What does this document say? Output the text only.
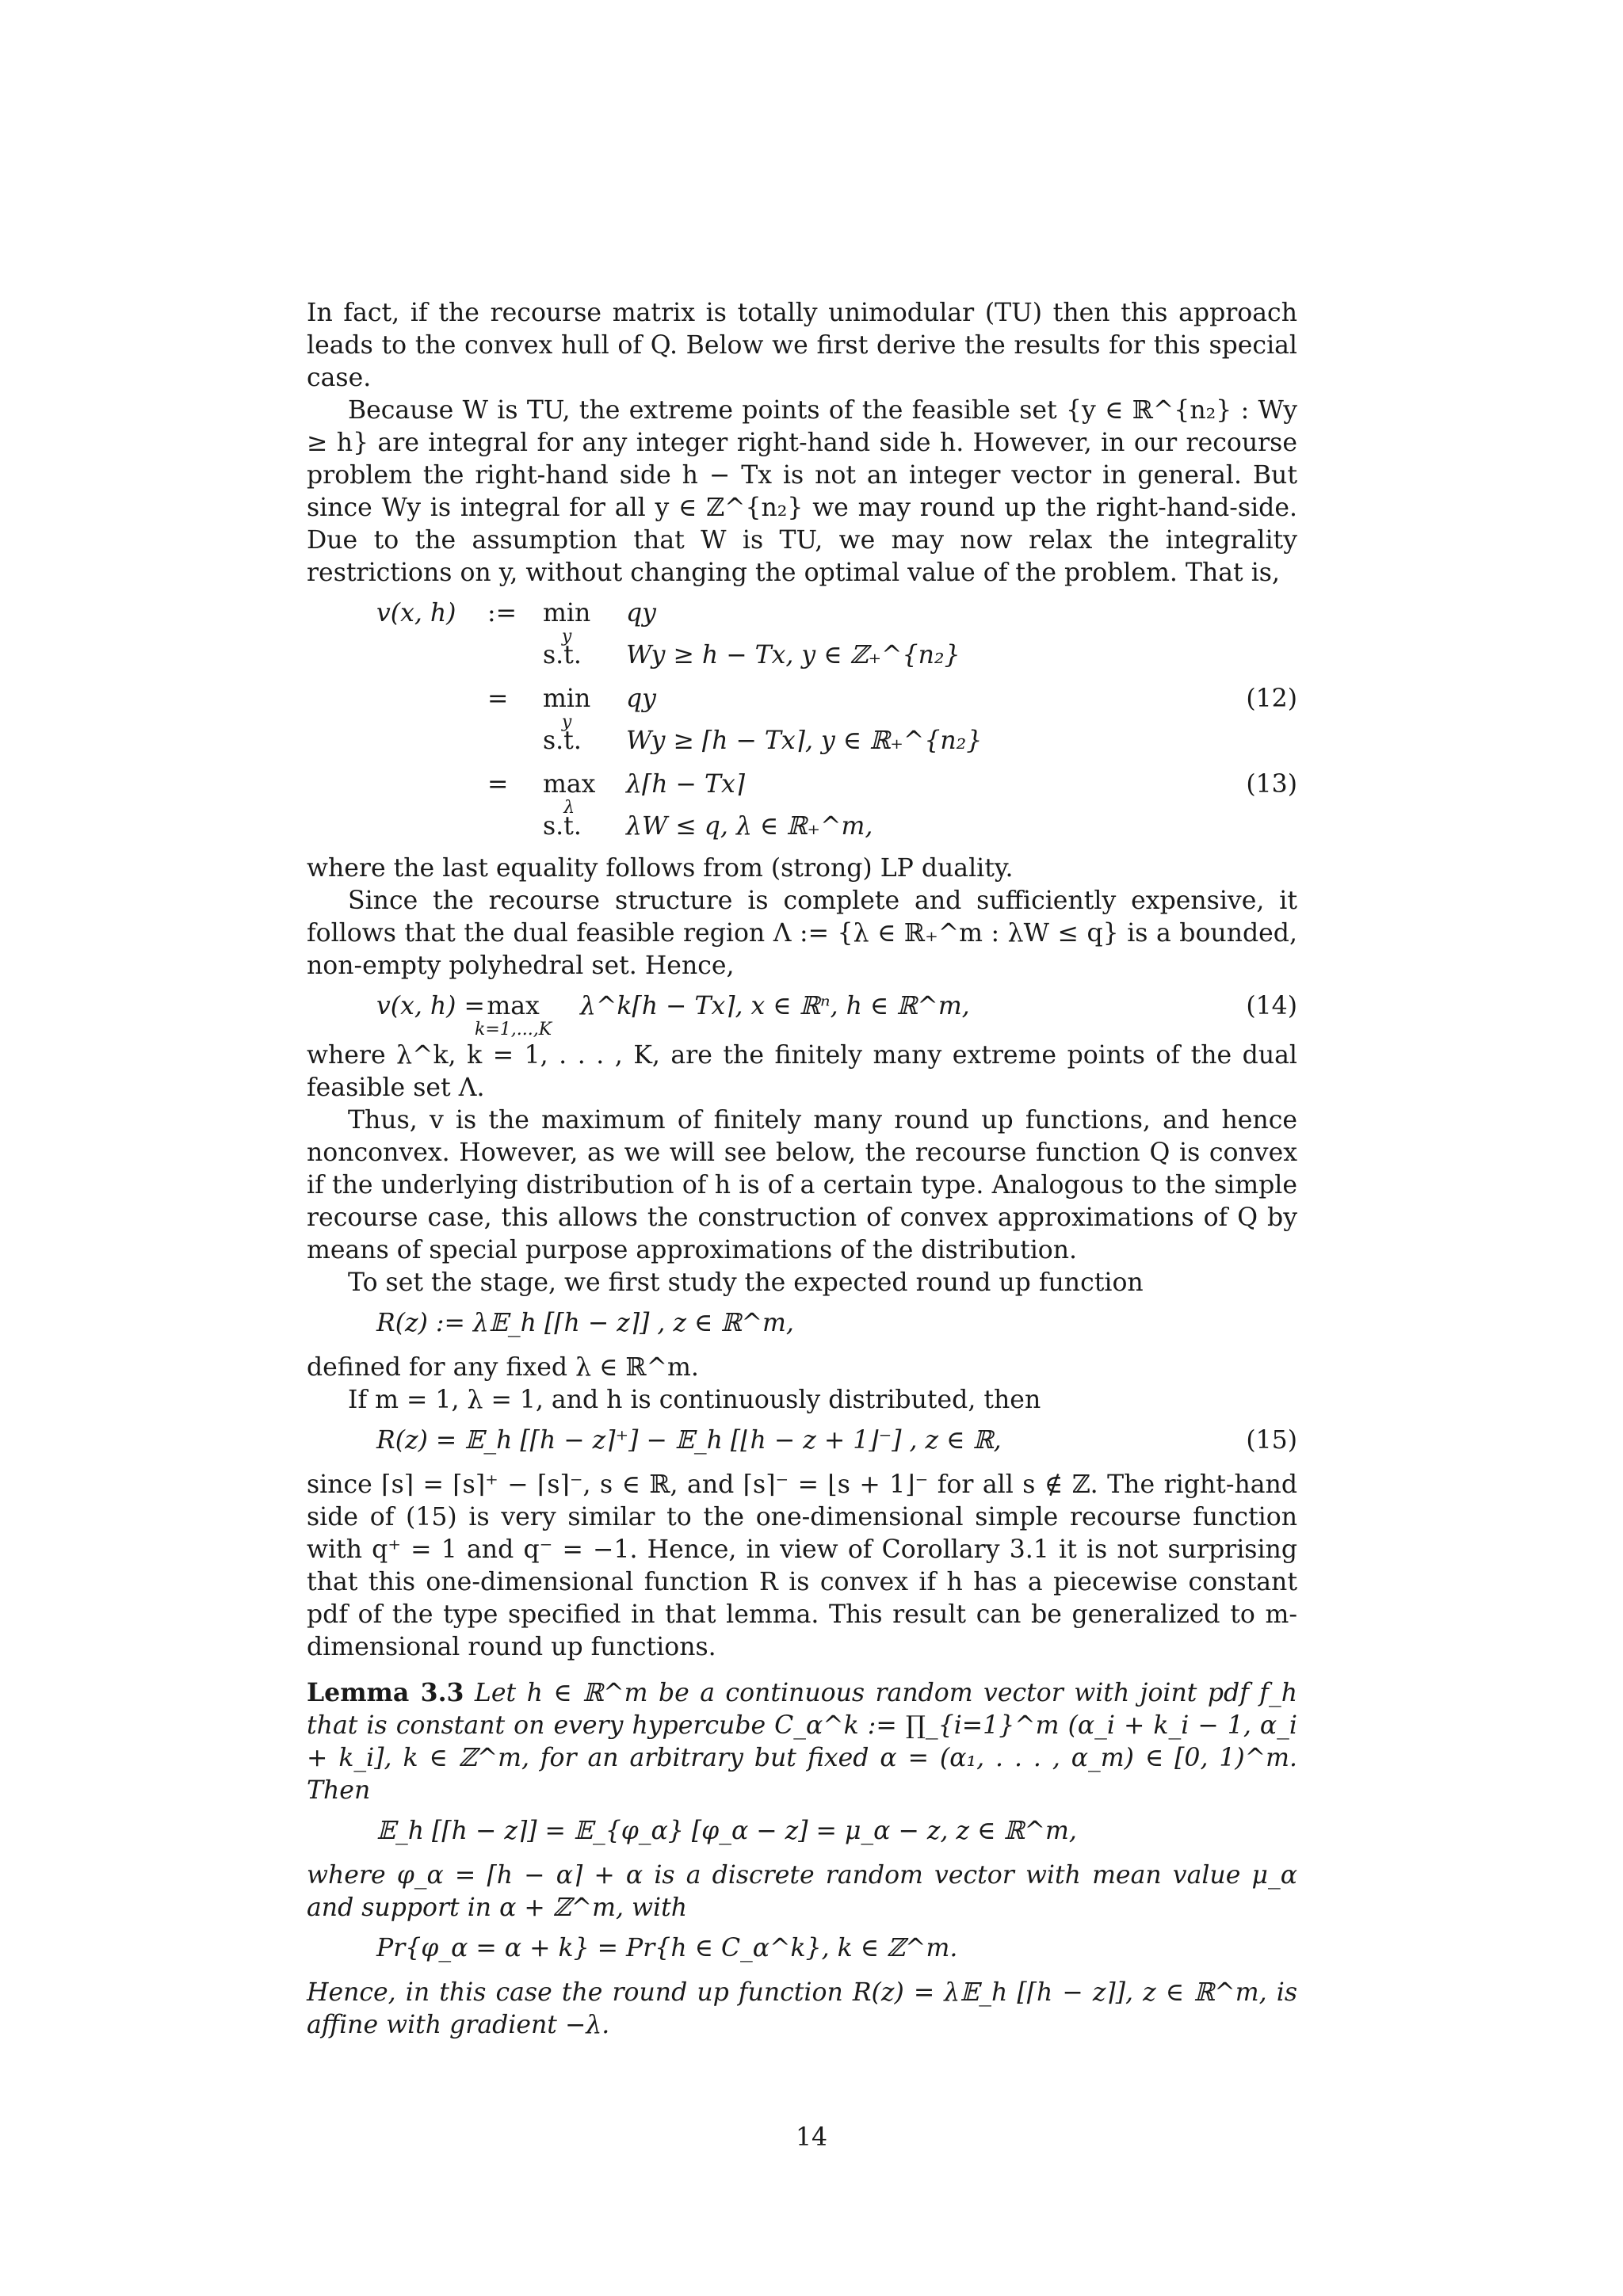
In fact, if the recourse matrix is totally unimodular (TU) then this approach leads to the convex hull of Q. Below we first derive the results for this special case.

Because W is TU, the extreme points of the feasible set {y ∈ ℝ^{n₂} : Wy ≥ h} are integral for any integer right-hand side h. However, in our recourse problem the right-hand side h − Tx is not an integer vector in general. But since Wy is integral for all y ∈ ℤ^{n₂} we may round up the right-hand-side. Due to the assumption that W is TU, we may now relax the integrality restrictions on y, without changing the optimal value of the problem. That is,

v(x, h) := min
y
qy
s.t. Wy ≥ h − Tx, y ∈ ℤ₊^{n₂}
= min
y
qy	(12)
s.t. Wy ≥ ⌈h − Tx⌉, y ∈ ℝ₊^{n₂}
= max
λ
λ⌈h − Tx⌉	(13)
s.t. λW ≤ q, λ ∈ ℝ₊^m,

where the last equality follows from (strong) LP duality.

Since the recourse structure is complete and sufficiently expensive, it follows that the dual feasible region Λ := {λ ∈ ℝ₊^m : λW ≤ q} is a bounded, non-empty polyhedral set. Hence,

v(x, h) = max
k=1,...,K
λ^k⌈h − Tx⌉, x ∈ ℝⁿ, h ∈ ℝ^m,	(14)

where λ^k, k = 1, . . . , K, are the finitely many extreme points of the dual feasible set Λ.

Thus, v is the maximum of finitely many round up functions, and hence nonconvex. However, as we will see below, the recourse function Q is convex if the underlying distribution of h is of a certain type. Analogous to the simple recourse case, this allows the construction of convex approximations of Q by means of special purpose approximations of the distribution.

To set the stage, we first study the expected round up function

R(z) := λ𝔼_h [⌈h − z⌉] , z ∈ ℝ^m,

defined for any fixed λ ∈ ℝ^m.

If m = 1, λ = 1, and h is continuously distributed, then

R(z) = 𝔼_h [⌈h − z⌉⁺] − 𝔼_h [⌊h − z + 1⌋⁻] , z ∈ ℝ,	(15)

since ⌈s⌉ = ⌈s⌉⁺ − ⌈s⌉⁻, s ∈ ℝ, and ⌈s⌉⁻ = ⌊s + 1⌋⁻ for all s ∉ ℤ. The right-hand side of (15) is very similar to the one-dimensional simple recourse function with q⁺ = 1 and q⁻ = −1. Hence, in view of Corollary 3.1 it is not surprising that this one-dimensional function R is convex if h has a piecewise constant pdf of the type specified in that lemma. This result can be generalized to m-dimensional round up functions.

Lemma 3.3 Let h ∈ ℝ^m be a continuous random vector with joint pdf f_h that is constant on every hypercube C_α^k := ∏_{i=1}^m (α_i + k_i − 1, α_i + k_i], k ∈ ℤ^m, for an arbitrary but fixed α = (α₁, . . . , α_m) ∈ [0, 1)^m. Then

𝔼_h [⌈h − z⌉] = 𝔼_{φ_α} [φ_α − z] = μ_α − z, z ∈ ℝ^m,

where φ_α = ⌈h − α⌉ + α is a discrete random vector with mean value μ_α and support in α + ℤ^m, with

Pr{φ_α = α + k} = Pr{h ∈ C_α^k}, k ∈ ℤ^m.

Hence, in this case the round up function R(z) = λ𝔼_h [⌈h − z⌉], z ∈ ℝ^m, is affine with gradient −λ.

14
